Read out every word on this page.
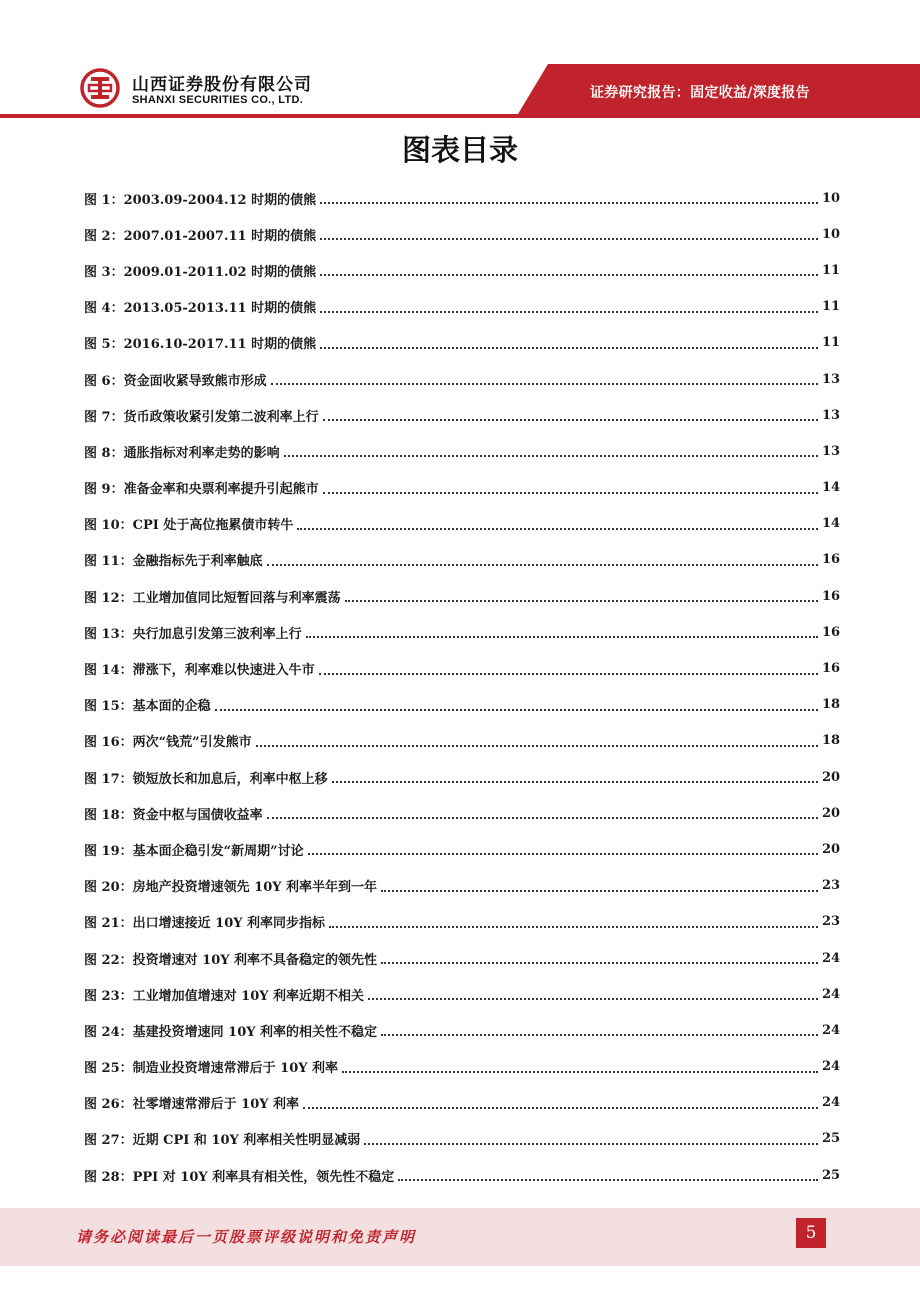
山西证券股份有限公司
SHANXI SECURITIES CO., LTD.	证券研究报告：固定收益/深度报告
图表目录
图 1： 2003.09-2004.12 时期的债熊	10
图 2： 2007.01-2007.11 时期的债熊	10
图 3： 2009.01-2011.02 时期的债熊	11
图 4： 2013.05-2013.11 时期的债熊	11
图 5： 2016.10-2017.11 时期的债熊	11
图 6： 资金面收紧导致熊市形成	13
图 7： 货币政策收紧引发第二波利率上行	13
图 8： 通胀指标对利率走势的影响	13
图 9： 准备金率和央票利率提升引起熊市	14
图 10： CPI 处于高位拖累债市转牛	14
图 11： 金融指标先于利率触底	16
图 12： 工业增加值同比短暂回落与利率震荡	16
图 13： 央行加息引发第三波利率上行	16
图 14： 滞涨下，利率难以快速进入牛市	16
图 15： 基本面的企稳	18
图 16： 两次“钱荒”引发熊市	18
图 17： 锁短放长和加息后，利率中枢上移	20
图 18： 资金中枢与国债收益率	20
图 19： 基本面企稳引发“新周期”讨论	20
图 20： 房地产投资增速领先 10Y 利率半年到一年	23
图 21： 出口增速接近 10Y 利率同步指标	23
图 22： 投资增速对 10Y 利率不具备稳定的领先性	24
图 23： 工业增加值增速对 10Y 利率近期不相关	24
图 24： 基建投资增速同 10Y 利率的相关性不稳定	24
图 25： 制造业投资增速常滞后于 10Y 利率	24
图 26： 社零增速常滞后于 10Y 利率	24
图 27： 近期 CPI 和 10Y 利率相关性明显减弱	25
图 28： PPI 对 10Y 利率具有相关性，领先性不稳定	25
请务必阅读最后一页股票评级说明和免责声明	5
